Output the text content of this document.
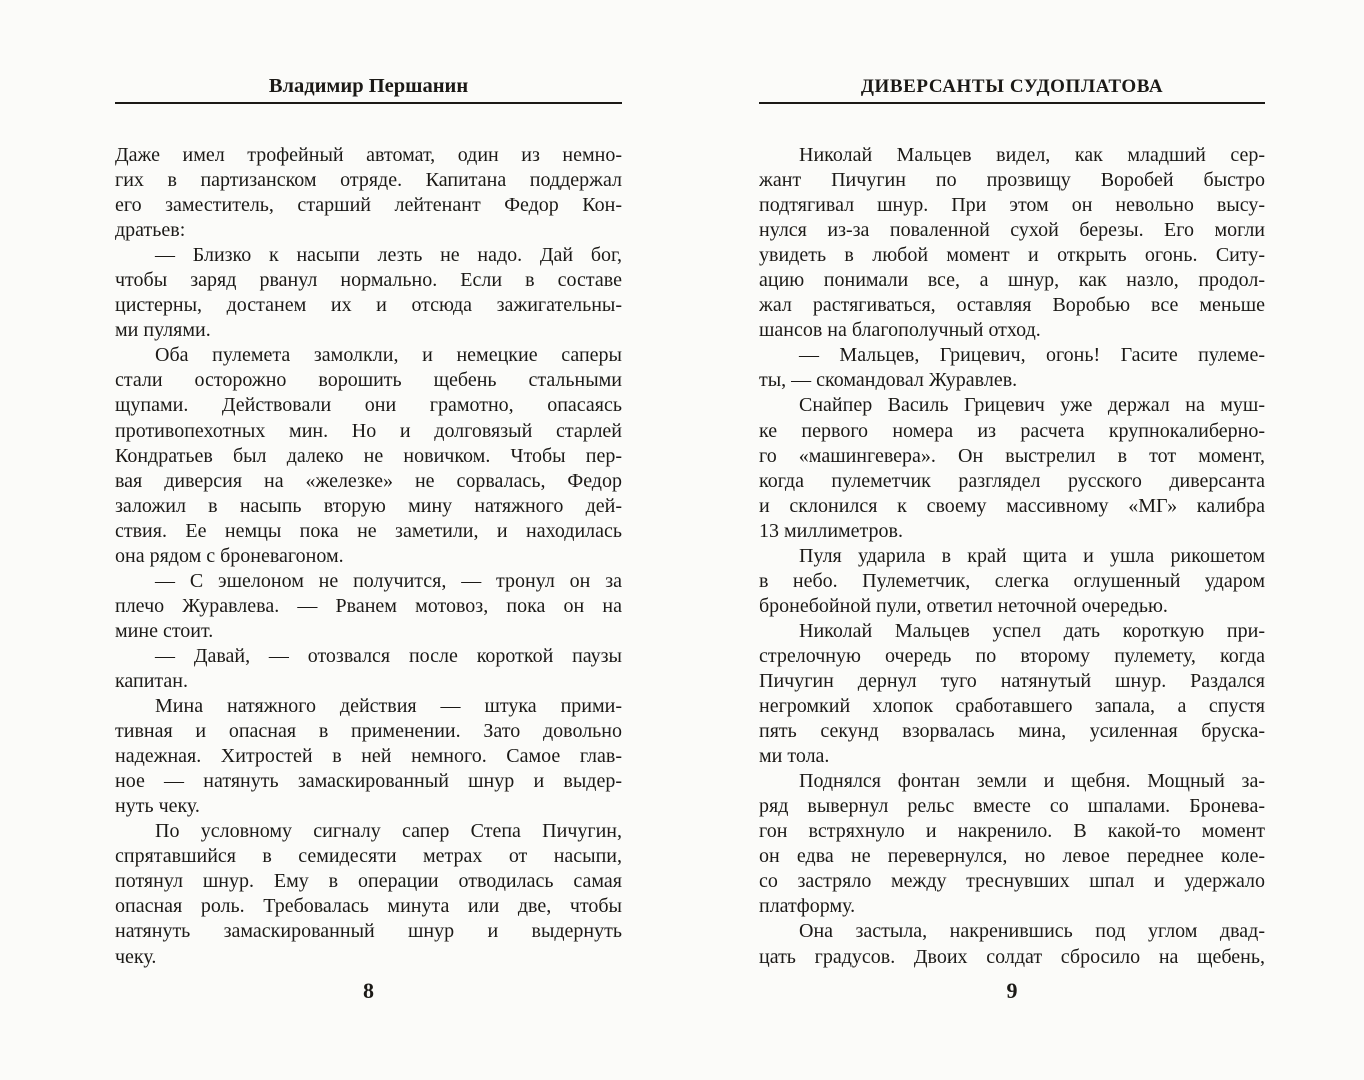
Владимир Першанин
Даже имел трофейный автомат, один из немно-
гих в партизанском отряде. Капитана поддержал
его заместитель, старший лейтенант Федор Кон-
дратьев:
— Близко к насыпи лезть не надо. Дай бог,
чтобы заряд рванул нормально. Если в составе
цистерны, достанем их и отсюда зажигательны-
ми пулями.
Оба пулемета замолкли, и немецкие саперы
стали осторожно ворошить щебень стальными
щупами. Действовали они грамотно, опасаясь
противопехотных мин. Но и долговязый старлей
Кондратьев был далеко не новичком. Чтобы пер-
вая диверсия на «железке» не сорвалась, Федор
заложил в насыпь вторую мину натяжного дей-
ствия. Ее немцы пока не заметили, и находилась
она рядом с броневагоном.
— С эшелоном не получится, — тронул он за
плечо Журавлева. — Рванем мотовоз, пока он на
мине стоит.
— Давай, — отозвался после короткой паузы
капитан.
Мина натяжного действия — штука прими-
тивная и опасная в применении. Зато довольно
надежная. Хитростей в ней немного. Самое глав-
ное — натянуть замаскированный шнур и выдер-
нуть чеку.
По условному сигналу сапер Степа Пичугин,
спрятавшийся в семидесяти метрах от насыпи,
потянул шнур. Ему в операции отводилась самая
опасная роль. Требовалась минута или две, чтобы
натянуть замаскированный шнур и выдернуть
чеку.
8
ДИВЕРСАНТЫ СУДОПЛАТОВА
Николай Мальцев видел, как младший сер-
жант Пичугин по прозвищу Воробей быстро
подтягивал шнур. При этом он невольно высу-
нулся из-за поваленной сухой березы. Его могли
увидеть в любой момент и открыть огонь. Ситу-
ацию понимали все, а шнур, как назло, продол-
жал растягиваться, оставляя Воробью все меньше
шансов на благополучный отход.
— Мальцев, Грицевич, огонь! Гасите пулеме-
ты, — скомандовал Журавлев.
Снайпер Василь Грицевич уже держал на муш-
ке первого номера из расчета крупнокалиберно-
го «машингевера». Он выстрелил в тот момент,
когда пулеметчик разглядел русского диверсанта
и склонился к своему массивному «МГ» калибра
13 миллиметров.
Пуля ударила в край щита и ушла рикошетом
в небо. Пулеметчик, слегка оглушенный ударом
бронебойной пули, ответил неточной очередью.
Николай Мальцев успел дать короткую при-
стрелочную очередь по второму пулемету, когда
Пичугин дернул туго натянутый шнур. Раздался
негромкий хлопок сработавшего запала, а спустя
пять секунд взорвалась мина, усиленная бруска-
ми тола.
Поднялся фонтан земли и щебня. Мощный за-
ряд вывернул рельс вместе со шпалами. Бронева-
гон встряхнуло и накренило. В какой-то момент
он едва не перевернулся, но левое переднее коле-
со застряло между треснувших шпал и удержало
платформу.
Она застыла, накренившись под углом двад-
цать градусов. Двоих солдат сбросило на щебень,
9
